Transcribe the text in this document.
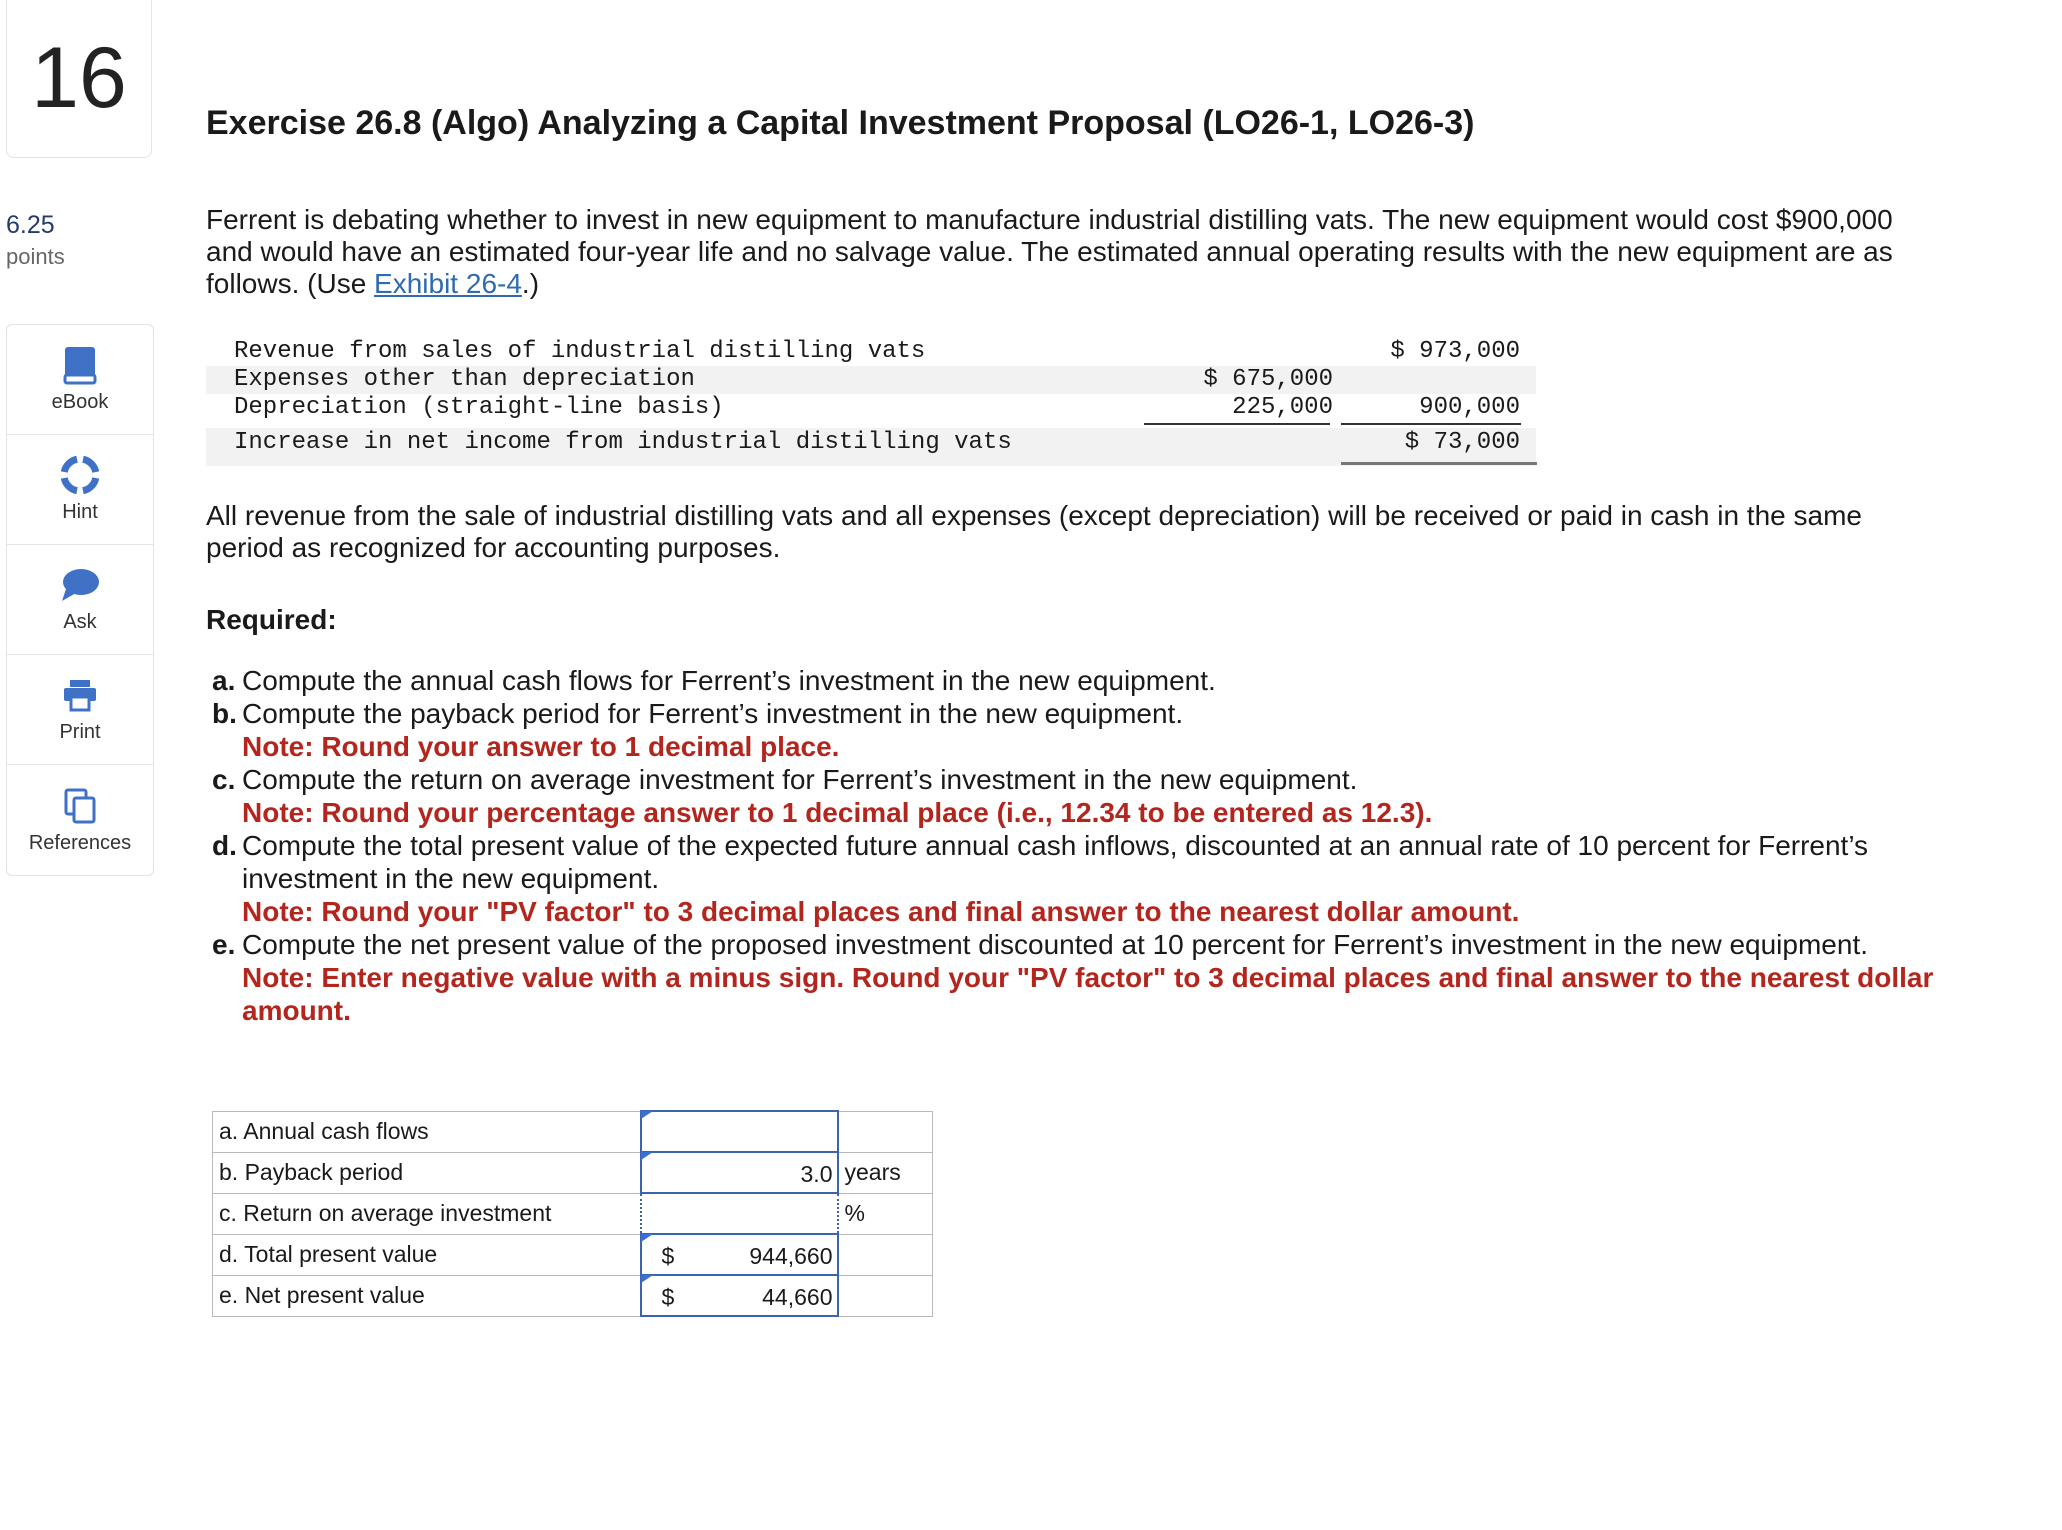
16
6.25
points
eBook
Hint
Ask
Print
References
Exercise 26.8 (Algo) Analyzing a Capital Investment Proposal (LO26-1, LO26-3)
Ferrent is debating whether to invest in new equipment to manufacture industrial distilling vats. The new equipment would cost $900,000 and would have an estimated four-year life and no salvage value. The estimated annual operating results with the new equipment are as follows. (Use Exhibit 26-4.)
Revenue from sales of industrial distilling vats	$ 973,000
Expenses other than depreciation	$ 675,000
Depreciation (straight-line basis)	225,000	900,000
Increase in net income from industrial distilling vats	$ 73,000
All revenue from the sale of industrial distilling vats and all expenses (except depreciation) will be received or paid in cash in the same period as recognized for accounting purposes.
Required:
a. Compute the annual cash flows for Ferrent’s investment in the new equipment.
b. Compute the payback period for Ferrent’s investment in the new equipment.
Note: Round your answer to 1 decimal place.
c. Compute the return on average investment for Ferrent’s investment in the new equipment.
Note: Round your percentage answer to 1 decimal place (i.e., 12.34 to be entered as 12.3).
d. Compute the total present value of the expected future annual cash inflows, discounted at an annual rate of 10 percent for Ferrent’s investment in the new equipment.
Note: Round your "PV factor" to 3 decimal places and final answer to the nearest dollar amount.
e. Compute the net present value of the proposed investment discounted at 10 percent for Ferrent’s investment in the new equipment.
Note: Enter negative value with a minus sign. Round your "PV factor" to 3 decimal places and final answer to the nearest dollar amount.
a. Annual cash flows	

b. Payback period	3.0	years
c. Return on average investment		%
d. Total present value	$ 944,660	

e. Net present value	$ 44,660	
